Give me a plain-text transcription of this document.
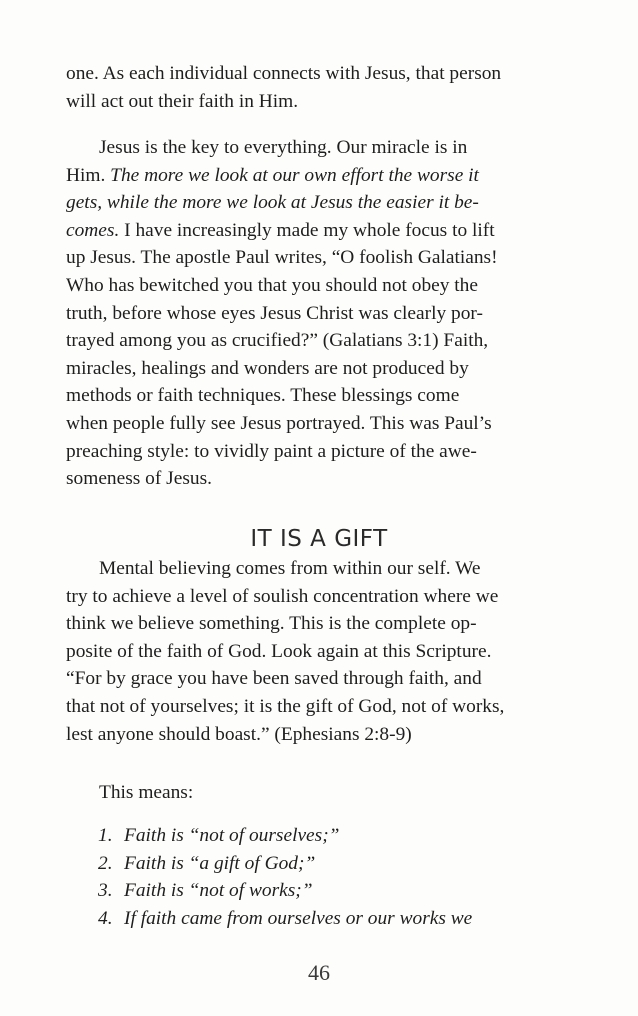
one. As each individual connects with Jesus, that person
will act out their faith in Him.

Jesus is the key to everything. Our miracle is in
Him. The more we look at our own effort the worse it
gets, while the more we look at Jesus the easier it be-
comes. I have increasingly made my whole focus to lift
up Jesus. The apostle Paul writes, “O foolish Galatians!
Who has bewitched you that you should not obey the
truth, before whose eyes Jesus Christ was clearly por-
trayed among you as crucified?” (Galatians 3:1) Faith,
miracles, healings and wonders are not produced by
methods or faith techniques. These blessings come
when people fully see Jesus portrayed. This was Paul’s
preaching style: to vividly paint a picture of the awe-
someness of Jesus.

IT IS A GIFT

Mental believing comes from within our self. We
try to achieve a level of soulish concentration where we
think we believe something. This is the complete op-
posite of the faith of God. Look again at this Scripture.
“For by grace you have been saved through faith, and
that not of yourselves; it is the gift of God, not of works,
lest anyone should boast.” (Ephesians 2:8-9)

This means:

1. Faith is “not of ourselves;”
2. Faith is “a gift of God;”
3. Faith is “not of works;”
4. If faith came from ourselves or our works we
46
